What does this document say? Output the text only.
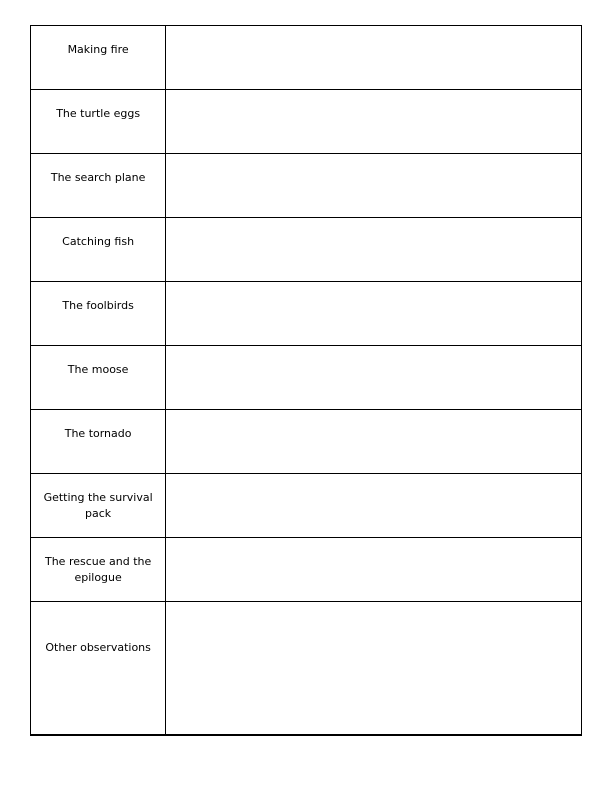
Making fire	

The turtle eggs	

The search plane	

Catching fish	

The foolbirds	

The moose	

The tornado	

Getting the survival pack	

The rescue and the epilogue	

Other observations	
